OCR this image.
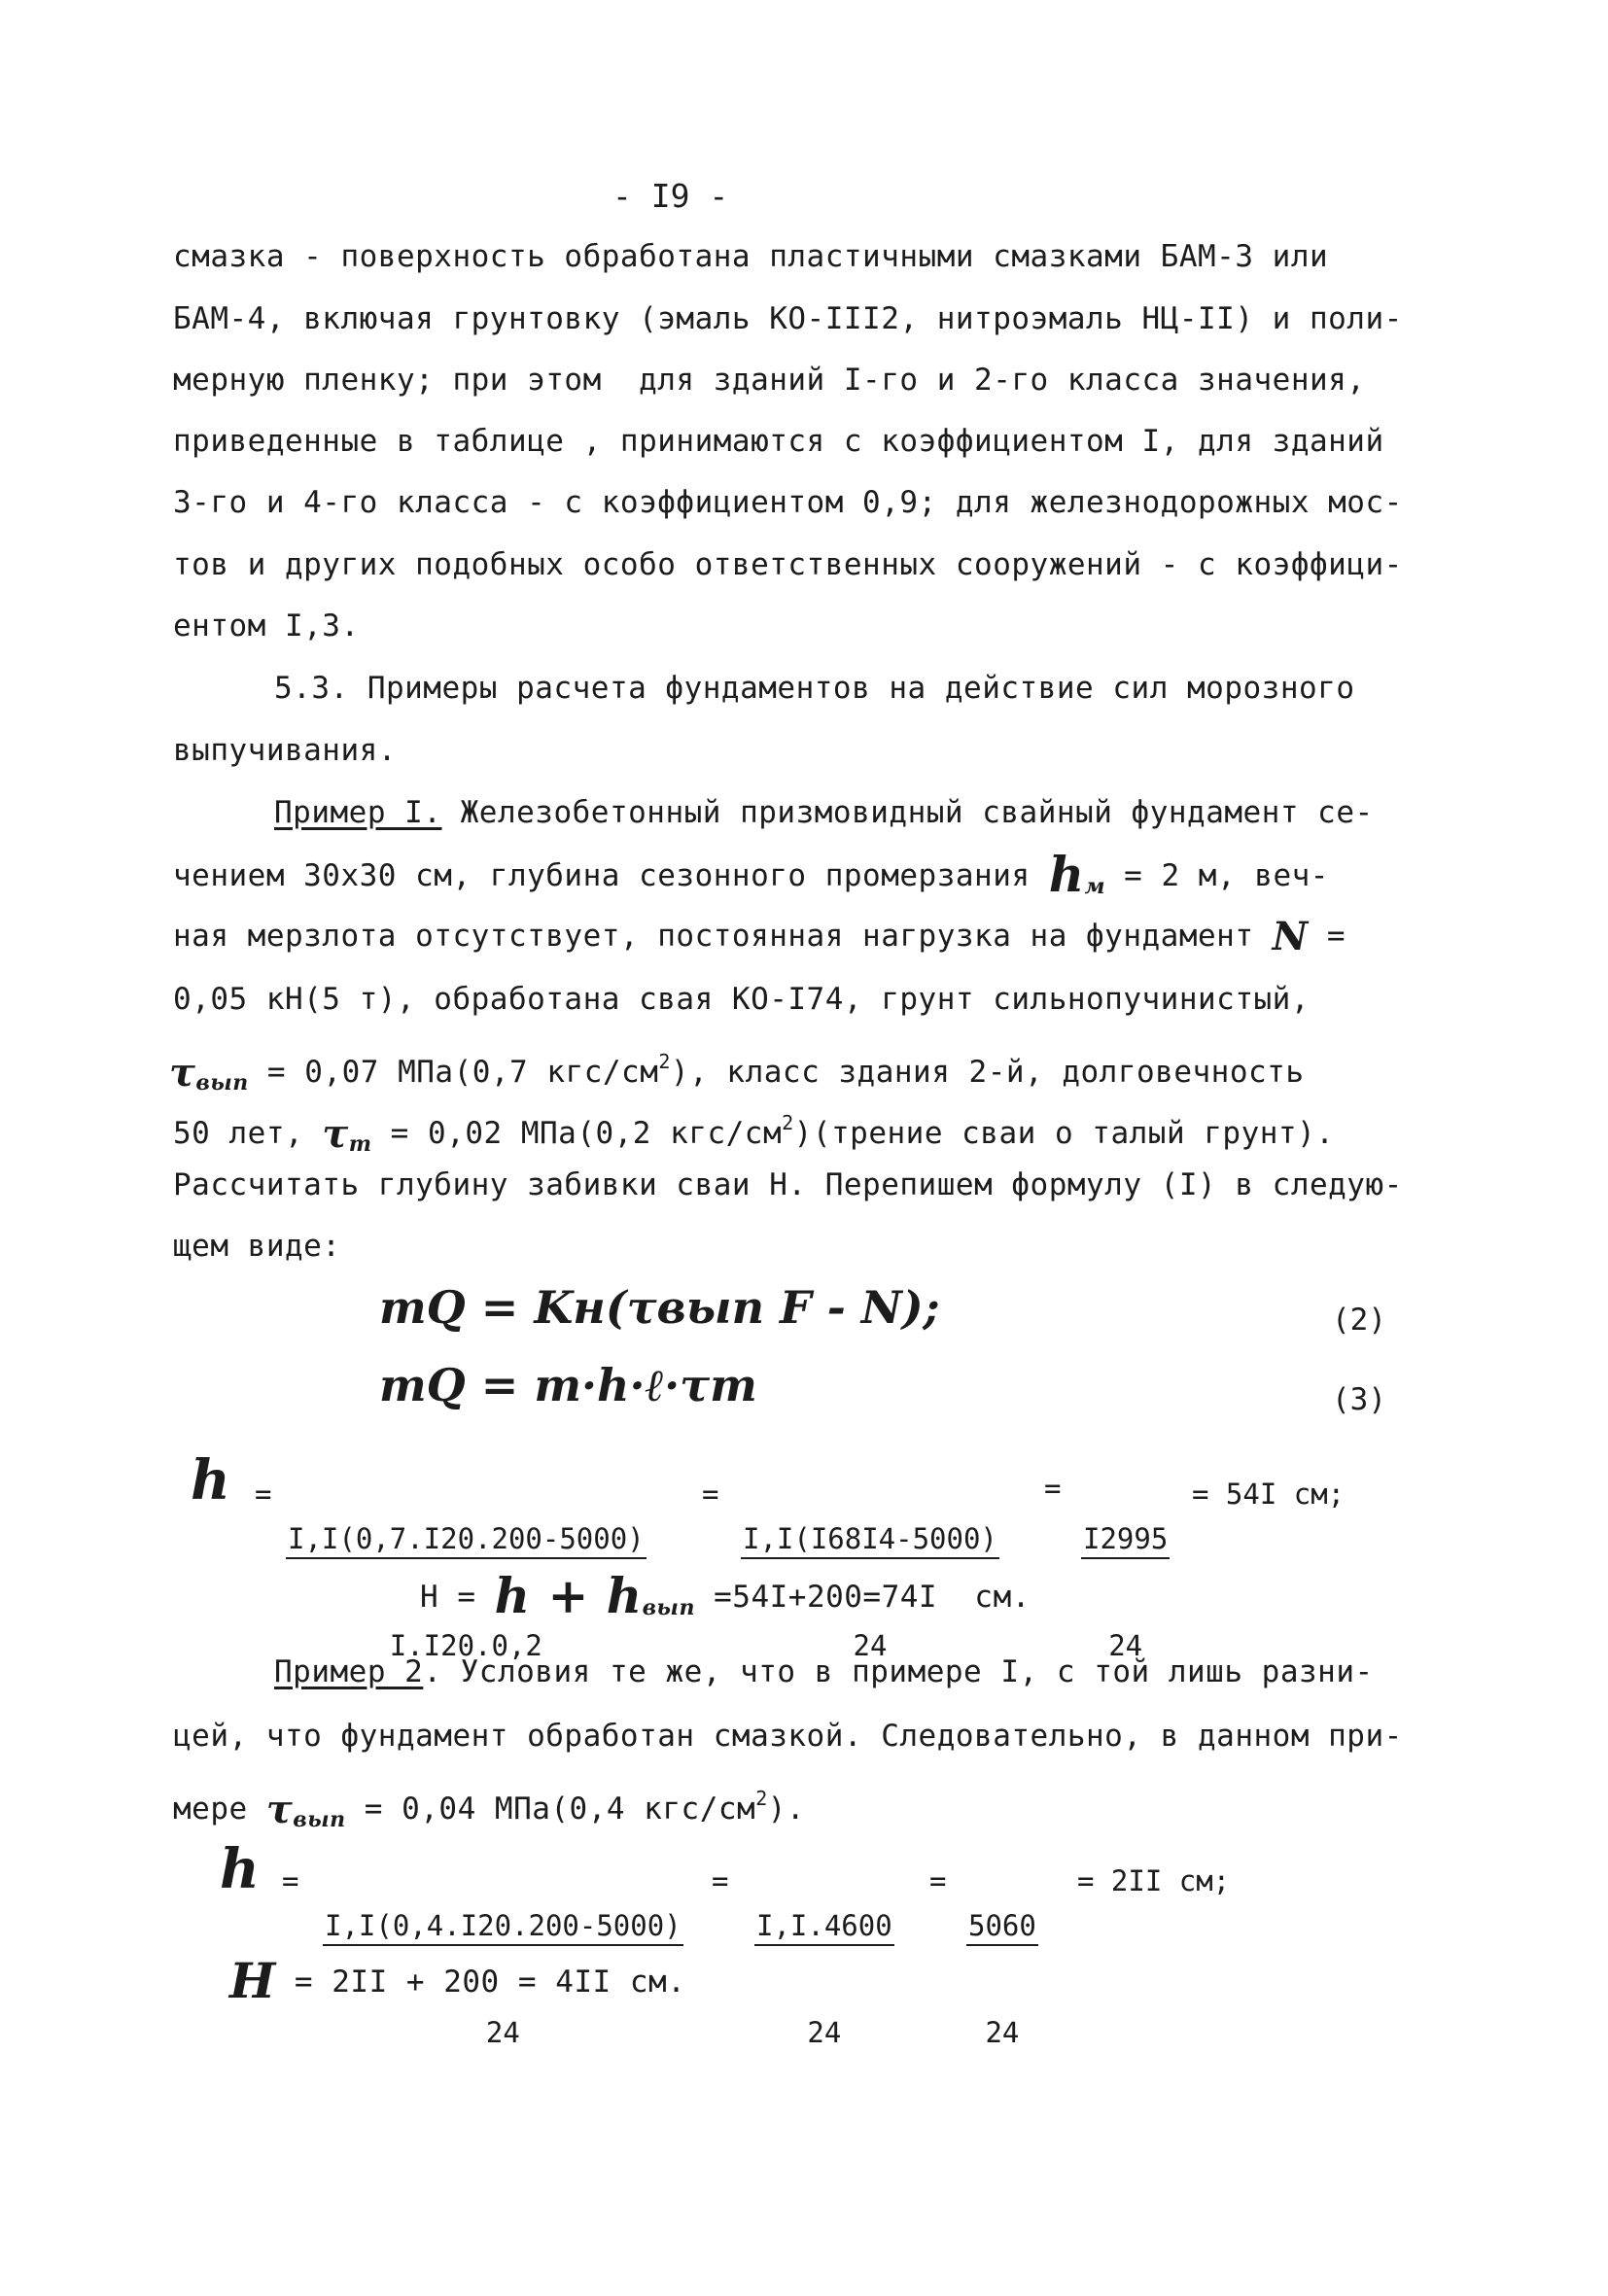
- I9 -
смазка - поверхность обработана пластичными смазками БАМ-3 или
БАМ-4, включая грунтовку (эмаль КО-III2, нитроэмаль НЦ-II) и поли-
мерную пленку; при этом  для зданий I-го и 2-го класса значения,
приведенные в таблице , принимаются с коэффициентом I, для зданий
3-го и 4-го класса - с коэффициентом 0,9; для железнодорожных мос-
тов и других подобных особо ответственных сооружений - с коэффици-
ентом I,3.
5.3. Примеры расчета фундаментов на действие сил морозного
выпучивания.
Пример I. Железобетонный призмовидный свайный фундамент се-
чением 30х30 см, глубина сезонного промерзания $h_м = 2$ м, веч-
ная мерзлота отсутствует, постоянная нагрузка на фундамент N =
0,05 кН(5 т), обработана свая КО-I74, грунт сильнопучинистый,
$\tau_{вып} = 0,07$ МПа(0,7 кгс/$см^2$), класс здания 2-й, долговечность
50 лет, $\tau_т = 0,02$ МПа(0,2 кгс/$см^2)(трение$ сваи о талый грунт).
Рассчитать глубину забивки сваи Н. Перепишем формулу (I) в следую-
щем виде:
mQ = Kн(τвып F - N);	(2)
mQ = m·h·ℓ·τт	(3)
h =

$\frac{I,I(0,7.I20.200-5000)}{I.I20.0,2}$

=

$\frac{I,I(I68I4-5000)}{24}$

=

$\frac{I2995}{24}$

= 54I см;
$Н = h + h_{вып} =54I+200=74I$  см.
Пример 2. Условия те же, что в примере I, с той лишь разни-
цей, что фундамент обработан смазкой. Следовательно, в данном при-
мере $\tau_{вып} = 0,04$ МПа(0,4 кгс/$см^2$).
h =

$\frac{I,I(0,4.I20.200-5000)}{24}$

=

$\frac{I,I.4600}{24}$

=

$\frac{5060}{24}$

= 2II см;
H = 2II + 200 = 4II см.
